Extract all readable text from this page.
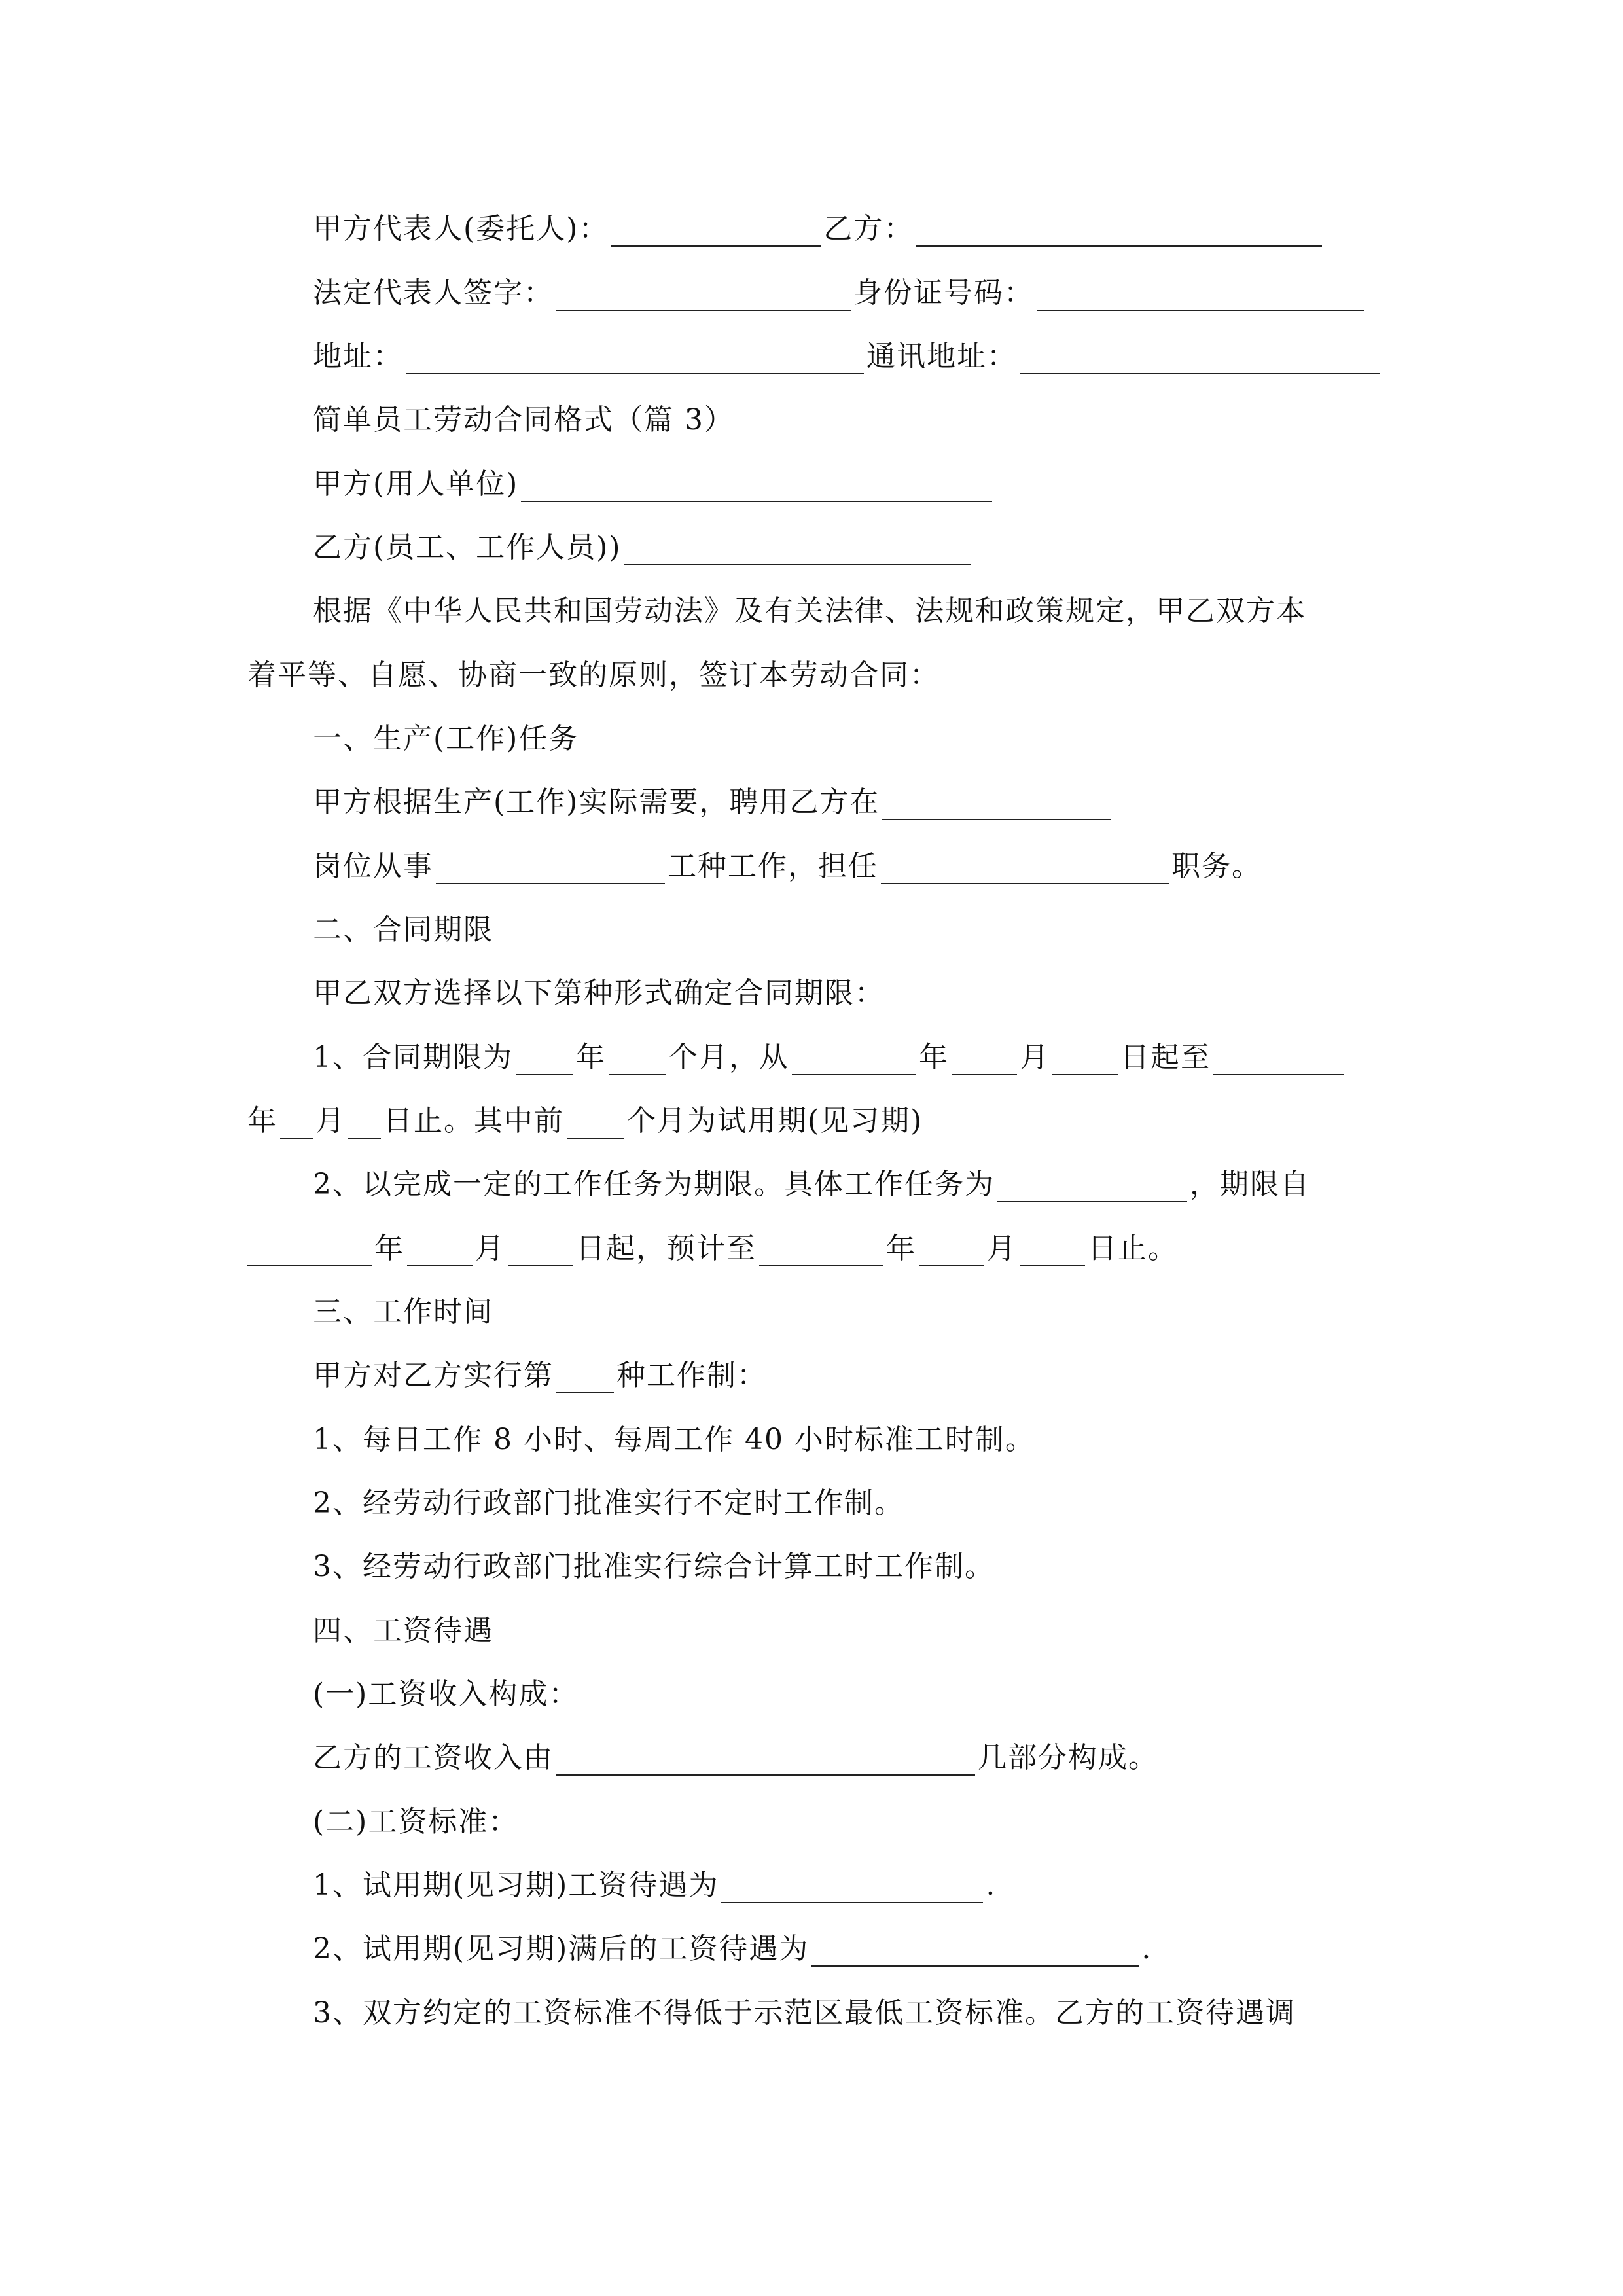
甲方代表人(委托人)：	乙方：
法定代表人签字：	身份证号码：
地址：	通讯地址：
简单员工劳动合同格式（篇 3）
甲方(用人单位)
乙方(员工、工作人员))
根据《中华人民共和国劳动法》及有关法律、法规和政策规定，甲乙双方本
着平等、自愿、协商一致的原则，签订本劳动合同：
一、生产(工作)任务
甲方根据生产(工作)实际需要，聘用乙方在
岗位从事	工种工作，担任	职务。
二、合同期限
甲乙双方选择以下第种形式确定合同期限：
1、合同期限为 年 个月，从	年 月 日起至
年 月 日止。其中前 个月为试用期(见习期)
2、以完成一定的工作任务为期限。具体工作任务为	，期限自
年 月 日起，预计至	年 月 日止。
三、工作时间
甲方对乙方实行第 种工作制：
1、每日工作 8 小时、每周工作 40 小时标准工时制。
2、经劳动行政部门批准实行不定时工作制。
3、经劳动行政部门批准实行综合计算工时工作制。
四、工资待遇
(一)工资收入构成：
乙方的工资收入由	几部分构成。
(二)工资标准：
1、试用期(见习期)工资待遇为	.
2、试用期(见习期)满后的工资待遇为	.
3、双方约定的工资标准不得低于示范区最低工资标准。乙方的工资待遇调
